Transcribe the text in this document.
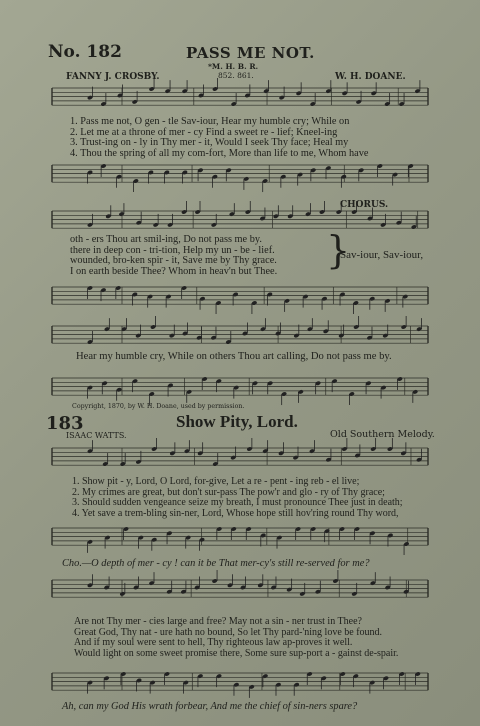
No. 182	PASS ME NOT.
*M. H. B. R.
852. 861.
FANNY J. CROSBY.	W. H. DOANE.
1. Pass me not, O gen - tle Sav-iour, Hear my humble cry; While on
2. Let me at a throne of mer - cy Find a sweet re - lief; Kneel-ing
3. Trust-ing on - ly in Thy mer - it, Would I seek Thy face; Heal my
4. Thou the spring of all my com-fort, More than life to me, Whom have
CHORUS.
oth - ers Thou art smil-ing, Do not pass me by.
there in deep con - tri-tion, Help my un - be - lief.
wounded, bro-ken spir - it, Save me by Thy grace.
I on earth beside Thee? Whom in heav'n but Thee. }
Sav-iour, Sav-iour,
Hear my humble cry, While on others Thou art calling, Do not pass me by.
Copyright, 1870, by W. H. Doane, used by permission.
183	Show Pity, Lord.
ISAAC WATTS.	Old Southern Melody.
1. Show pit - y, Lord, O Lord, for-give, Let a re - pent - ing reb - el live;
2. My crimes are great, but don't sur-pass The pow'r and glo - ry of Thy grace;
3. Should sudden vengeance seize my breath, I must pronounce Thee just in death;
4. Yet save a trem-bling sin-ner, Lord, Whose hope still hov'ring round Thy word,
Cho.—O depth of mer - cy ! can it be That mer-cy's still re-served for me?
Are not Thy mer - cies large and free? May not a sin - ner trust in Thee?
Great God, Thy nat - ure hath no bound, So let Thy pard-'ning love be found.
And if my soul were sent to hell, Thy righteous law ap-proves it well.
Would light on some sweet promise there, Some sure sup-port a - gainst de-spair.
Ah, can my God His wrath forbear, And me the chief of sin-ners spare?
